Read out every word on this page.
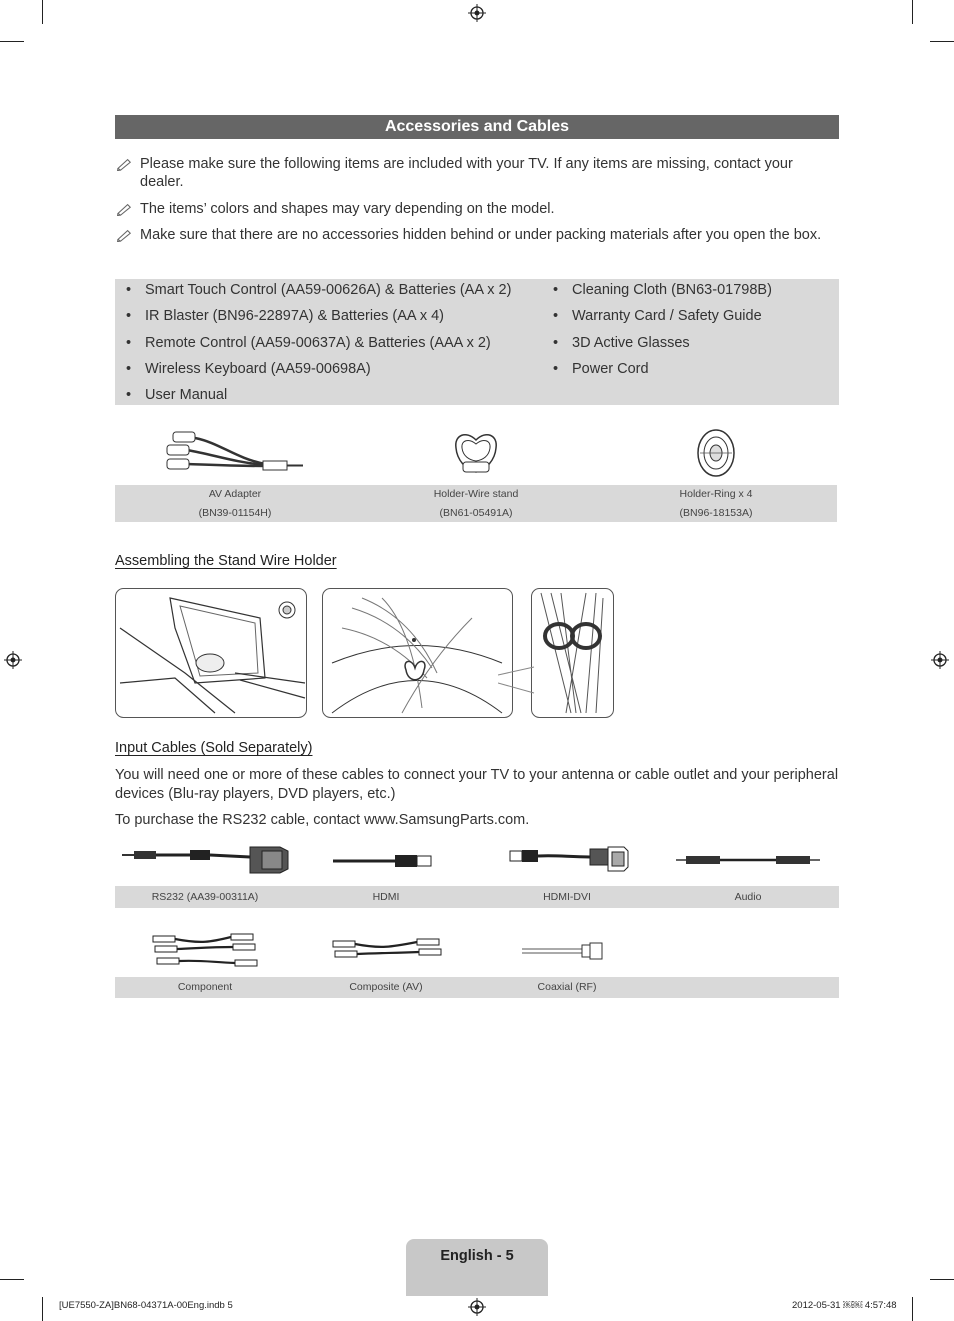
Accessories and Cables
Please make sure the following items are included with your TV. If any items are missing, contact your dealer.
The items’ colors and shapes may vary depending on the model.
Make sure that there are no accessories hidden behind or under packing materials after you open the box.
• Smart Touch Control (AA59-00626A) & Batteries (AA x 2)
• IR Blaster (BN96-22897A) & Batteries (AA x 4)
• Remote Control (AA59-00637A) & Batteries (AAA x 2)
• Wireless Keyboard (AA59-00698A)
• User Manual
• Cleaning Cloth (BN63-01798B)
• Warranty Card / Safety Guide
• 3D Active Glasses
• Power Cord
AV Adapter
(BN39-01154H)
Holder-Wire stand
(BN61-05491A)
Holder-Ring x 4
(BN96-18153A)
Assembling the Stand Wire Holder
Input Cables (Sold Separately)
You will need one or more of these cables to connect your TV to your antenna or cable outlet and your peripheral devices (Blu-ray players, DVD players, etc.)
To purchase the RS232 cable, contact www.SamsungParts.com.
RS232 (AA39-00311A)	HDMI	HDMI-DVI	Audio
Component	Composite (AV)	Coaxial (RF)
English - 5
[UE7550-ZA]BN68-04371A-00Eng.indb 5	2012-05-31 ￼￼ 4:57:48
